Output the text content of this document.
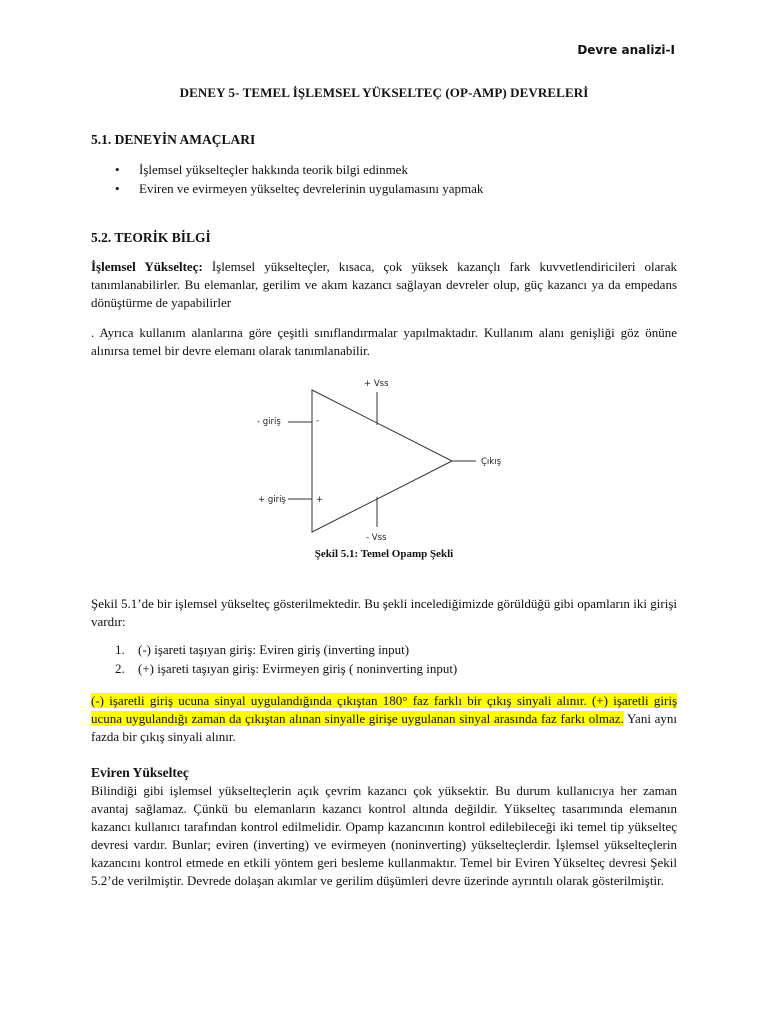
Devre analizi-I
DENEY 5- TEMEL İŞLEMSEL YÜKSELTEÇ (OP-AMP) DEVRELERİ
5.1. DENEYİN AMAÇLARI
• İşlemsel yükselteçler hakkında teorik bilgi edinmek
• Eviren ve evirmeyen yükselteç devrelerinin uygulamasını yapmak
5.2. TEORİK BİLGİ
İşlemsel Yükselteç: İşlemsel yükselteçler, kısaca, çok yüksek kazançlı fark kuvvetlendiricileri olarak tanımlanabilirler. Bu elemanlar, gerilim ve akım kazancı sağlayan devreler olup, güç kazancı ya da empedans dönüştürme de yapabilirler
. Ayrıca kullanım alanlarına göre çeşitli sınıflandırmalar yapılmaktadır. Kullanım alanı genişliği göz önüne alınırsa temel bir devre elemanı olarak tanımlanabilir.
+ Vss
- giriş	-
+ giriş	+
Çıkış
- Vss
Şekil 5.1: Temel Opamp Şekli
Şekil 5.1’de bir işlemsel yükselteç gösterilmektedir. Bu şekli incelediğimizde görüldüğü gibi opamların iki girişi vardır:
1.	(-) işareti taşıyan giriş: Eviren giriş (inverting input)
2.	(+) işareti taşıyan giriş: Evirmeyen giriş ( noninverting input)
(-) işaretli giriş ucuna sinyal uygulandığında çıkıştan 180° faz farklı bir çıkış sinyali alınır. (+) işaretli giriş ucuna uygulandığı zaman da çıkıştan alınan sinyalle girişe uygulanan sinyal arasında faz farkı olmaz. Yani aynı fazda bir çıkış sinyali alınır.
Eviren Yükselteç
Bilindiği gibi işlemsel yükselteçlerin açık çevrim kazancı çok yüksektir. Bu durum kullanıcıya her zaman avantaj sağlamaz. Çünkü bu elemanların kazancı kontrol altında değildir. Yükselteç tasarımında elemanın kazancı kullanıcı tarafından kontrol edilmelidir. Opamp kazancının kontrol edilebileceği iki temel tip yükselteç devresi vardır. Bunlar; eviren (inverting) ve evirmeyen (noninverting) yükselteçlerdir. İşlemsel yükselteçlerin kazancını kontrol etmede en etkili yöntem geri besleme kullanmaktır. Temel bir Eviren Yükselteç devresi Şekil 5.2’de verilmiştir. Devrede dolaşan akımlar ve gerilim düşümleri devre üzerinde ayrıntılı olarak gösterilmiştir.
